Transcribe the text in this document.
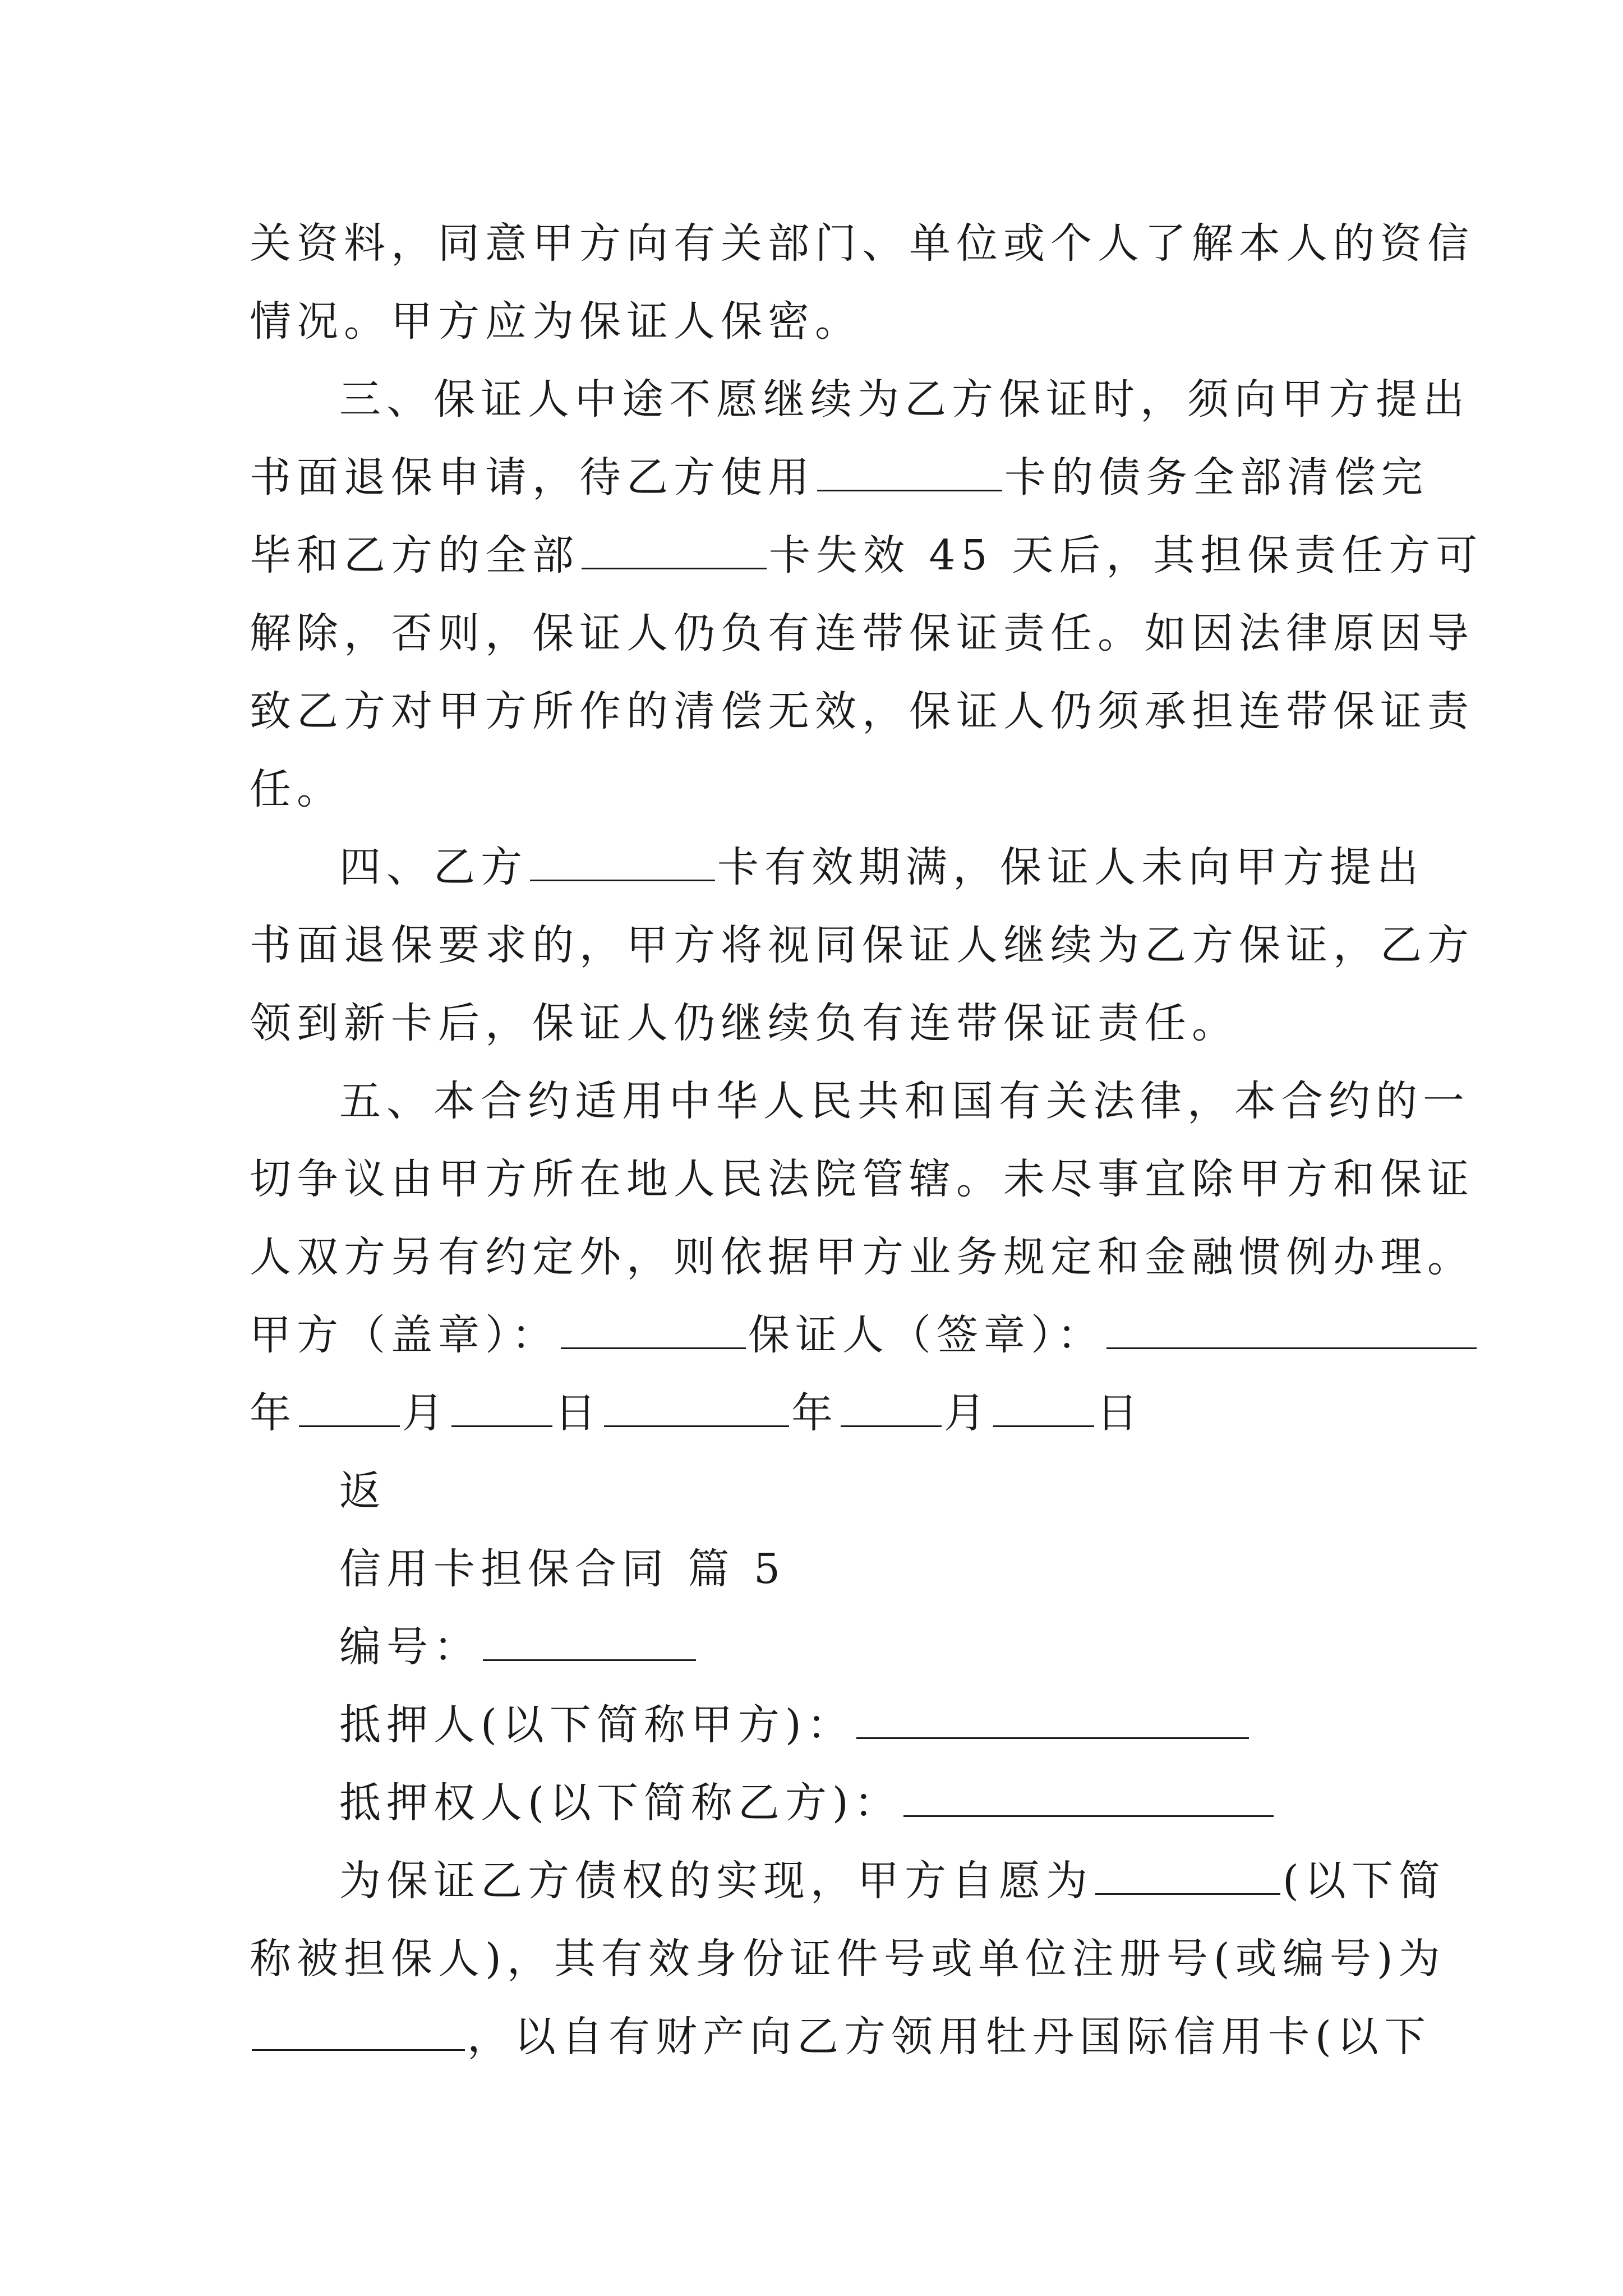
关资料，同意甲方向有关部门、单位或个人了解本人的资信
情况。甲方应为保证人保密。
三、保证人中途不愿继续为乙方保证时，须向甲方提出
书面退保申请，待乙方使用	卡的债务全部清偿完
毕和乙方的全部	卡失效 45 天后，其担保责任方可
解除，否则，保证人仍负有连带保证责任。如因法律原因导
致乙方对甲方所作的清偿无效，保证人仍须承担连带保证责
任。
四、乙方	卡有效期满，保证人未向甲方提出
书面退保要求的，甲方将视同保证人继续为乙方保证，乙方
领到新卡后，保证人仍继续负有连带保证责任。
五、本合约适用中华人民共和国有关法律，本合约的一
切争议由甲方所在地人民法院管辖。未尽事宜除甲方和保证
人双方另有约定外，则依据甲方业务规定和金融惯例办理。
甲方（盖章）：	保证人（签章）：
年	月	日	年	月	日
返
信用卡担保合同 篇 5
编号：
抵押人(以下简称甲方)：
抵押权人(以下简称乙方)：
为保证乙方债权的实现，甲方自愿为	(以下简
称被担保人)，其有效身份证件号或单位注册号(或编号)为
，以自有财产向乙方领用牡丹国际信用卡(以下
